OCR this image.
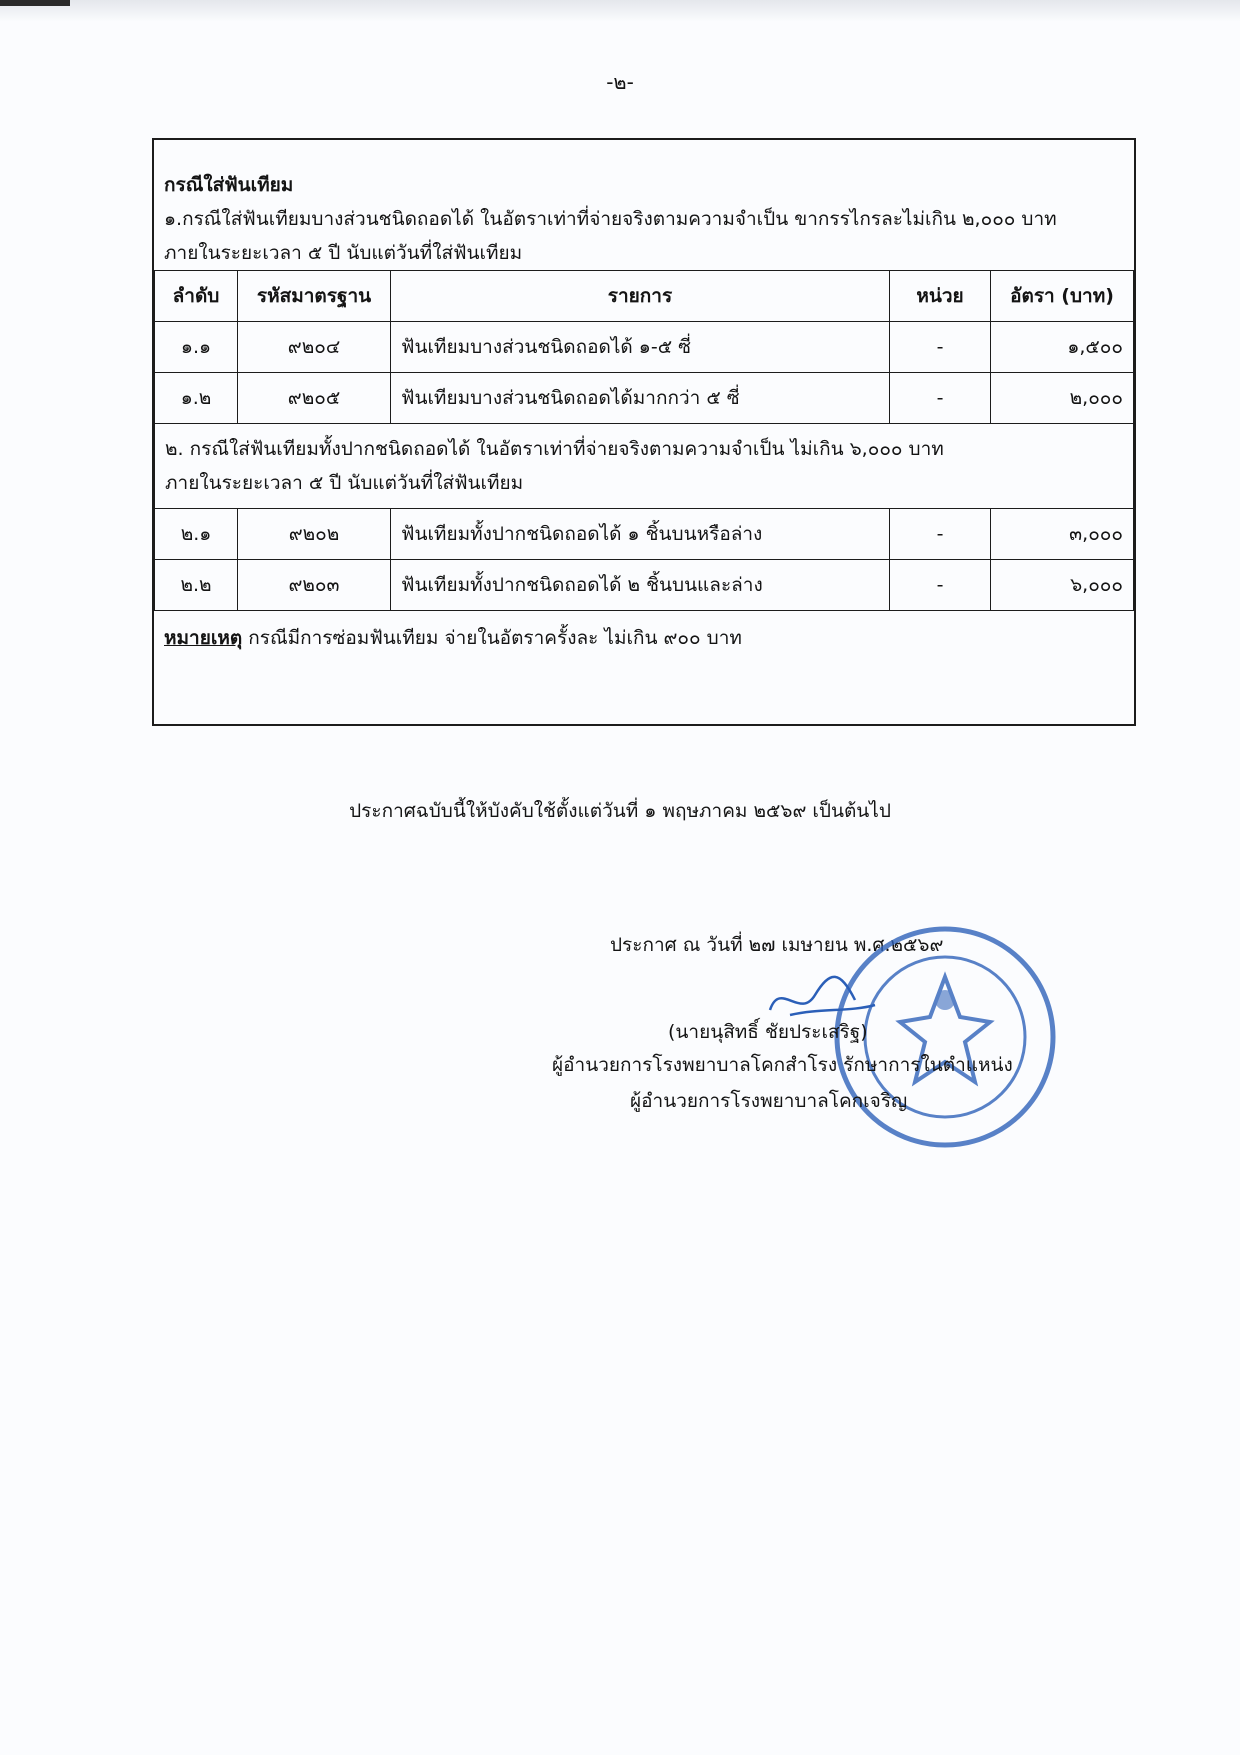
-๒-
กรณีใส่ฟันเทียม
๑.กรณีใส่ฟันเทียมบางส่วนชนิดถอดได้ ในอัตราเท่าที่จ่ายจริงตามความจำเป็น ขากรรไกรละไม่เกิน ๒,๐๐๐ บาท
ภายในระยะเวลา ๕ ปี นับแต่วันที่ใส่ฟันเทียม
ลำดับ	รหัสมาตรฐาน	รายการ	หน่วย	อัตรา (บาท)
๑.๑	๙๒๐๔	ฟันเทียมบางส่วนชนิดถอดได้ ๑-๕ ซี่	-	๑,๕๐๐
๑.๒	๙๒๐๕	ฟันเทียมบางส่วนชนิดถอดได้มากกว่า ๕ ซี่	-	๒,๐๐๐

๒. กรณีใส่ฟันเทียมทั้งปากชนิดถอดได้ ในอัตราเท่าที่จ่ายจริงตามความจำเป็น ไม่เกิน ๖,๐๐๐ บาท
ภายในระยะเวลา ๕ ปี นับแต่วันที่ใส่ฟันเทียม				

๒.๑	๙๒๐๒	ฟันเทียมทั้งปากชนิดถอดได้ ๑ ชิ้นบนหรือล่าง	-	๓,๐๐๐
๒.๒	๙๒๐๓	ฟันเทียมทั้งปากชนิดถอดได้ ๒ ชิ้นบนและล่าง	-	๖,๐๐๐
หมายเหตุ กรณีมีการซ่อมฟันเทียม จ่ายในอัตราครั้งละ ไม่เกิน ๙๐๐ บาท
ประกาศฉบับนี้ให้บังคับใช้ตั้งแต่วันที่ ๑ พฤษภาคม ๒๕๖๙ เป็นต้นไป
ประกาศ ณ วันที่ ๒๗ เมษายน พ.ศ.๒๕๖๙
(นายนุสิทธิ์ ชัยประเสริฐ)
ผู้อำนวยการโรงพยาบาลโคกสำโรง รักษาการในตำแหน่ง
ผู้อำนวยการโรงพยาบาลโคกเจริญ
